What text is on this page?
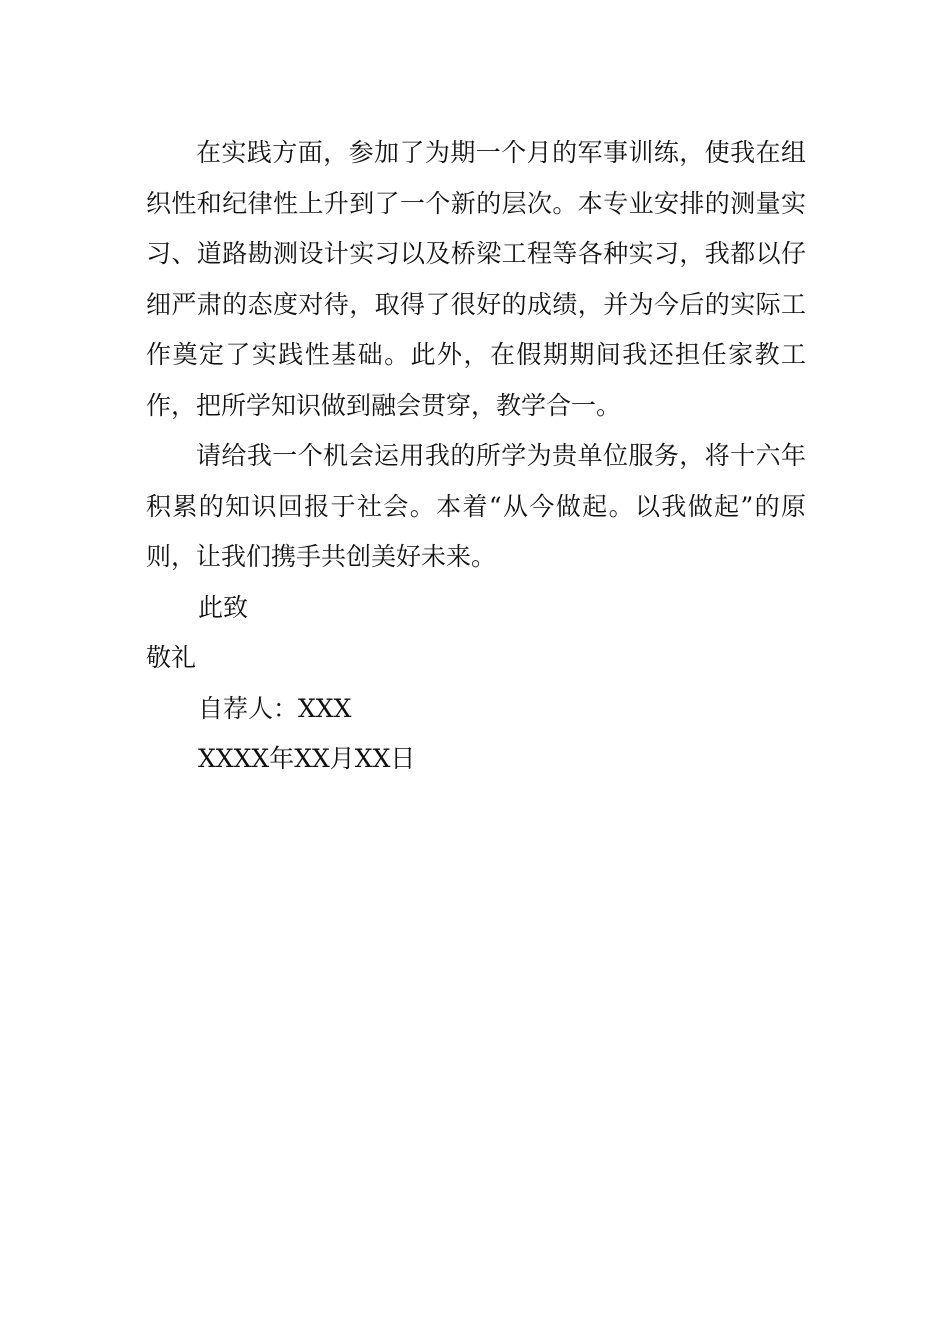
在实践方面，参加了为期一个月的军事训练，使我在组织性和纪律性上升到了一个新的层次。本专业安排的测量实习、道路勘测设计实习以及桥梁工程等各种实习，我都以仔细严肃的态度对待，取得了很好的成绩，并为今后的实际工作奠定了实践性基础。此外，在假期期间我还担任家教工作，把所学知识做到融会贯穿，教学合一。

请给我一个机会运用我的所学为贵单位服务，将十六年积累的知识回报于社会。本着“从今做起。以我做起”的原则，让我们携手共创美好未来。

此致

敬礼

自荐人：XXX

XXXX年XX月XX日
